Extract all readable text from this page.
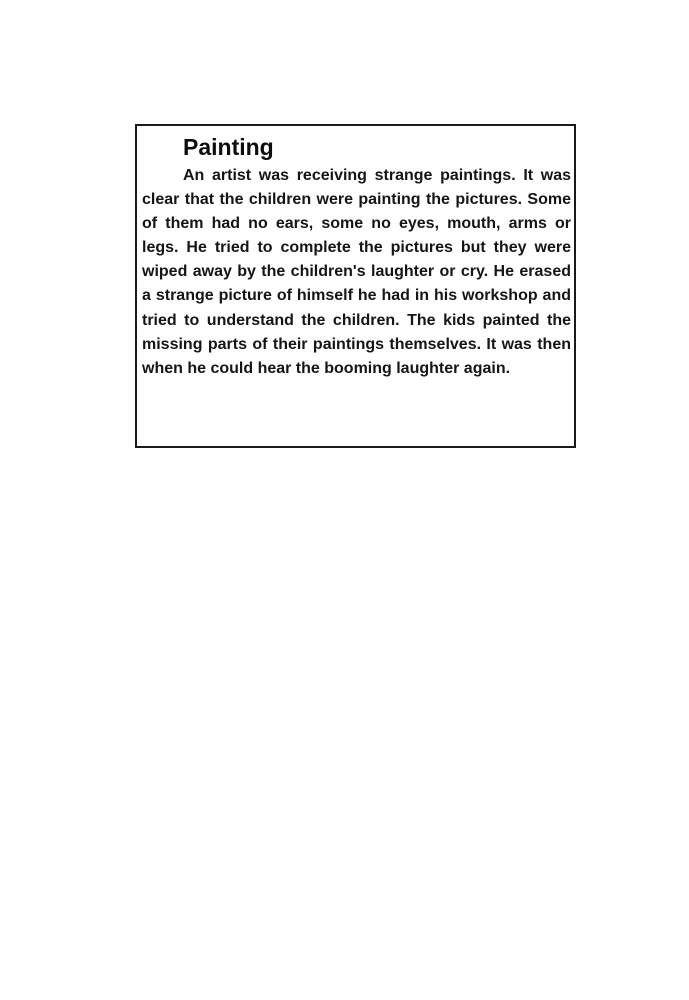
Painting

An artist was receiving strange paintings. It was clear that the children were painting the pictures. Some of them had no ears, some no eyes, mouth, arms or legs. He tried to complete the pictures but they were wiped away by the children's laughter or cry. He erased a strange picture of himself he had in his workshop and tried to understand the children. The kids painted the missing parts of their paintings themselves. It was then when he could hear the booming laughter again.
